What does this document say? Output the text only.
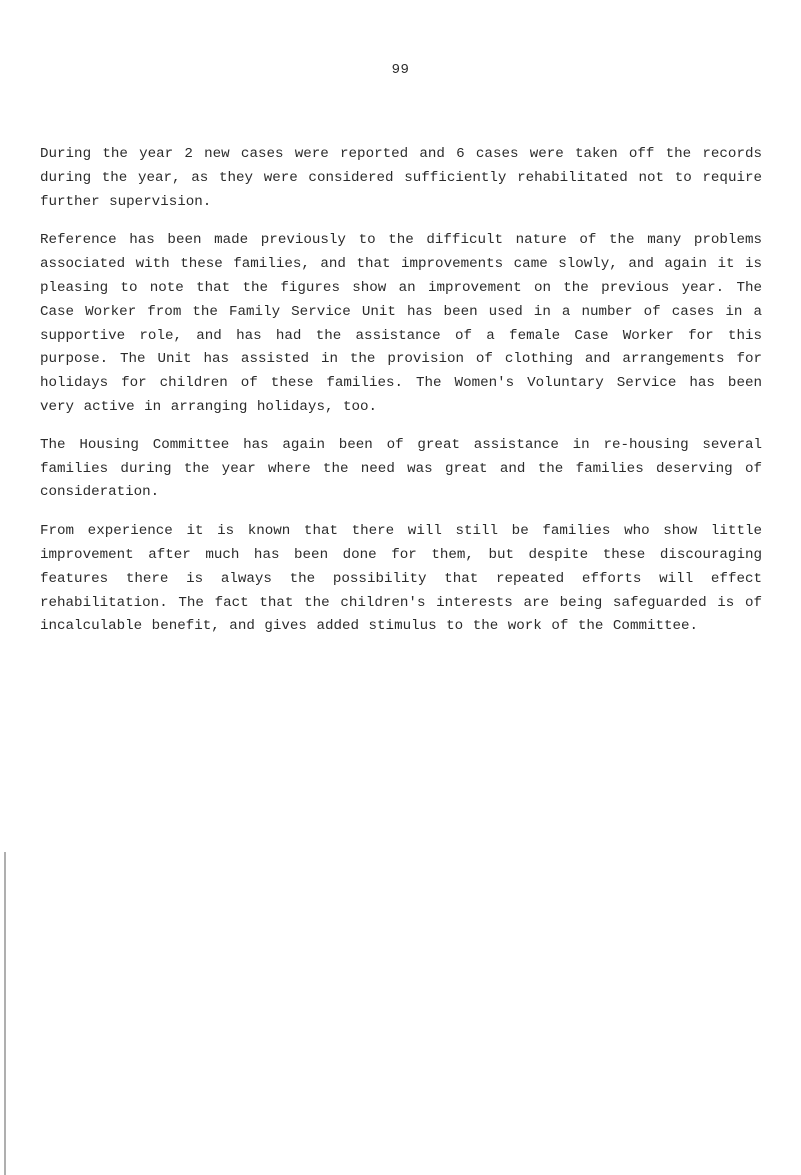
99

During the year 2 new cases were reported and 6 cases were taken off the records during the year, as they were considered sufficiently rehabilitated not to require further supervision.

Reference has been made previously to the difficult nature of the many problems associated with these families, and that improvements came slowly, and again it is pleasing to note that the figures show an improvement on the previous year. The Case Worker from the Family Service Unit has been used in a number of cases in a supportive role, and has had the assistance of a female Case Worker for this purpose. The Unit has assisted in the provision of clothing and arrangements for holidays for children of these families. The Women's Voluntary Service has been very active in arranging holidays, too.

The Housing Committee has again been of great assistance in re-housing several families during the year where the need was great and the families deserving of consideration.

From experience it is known that there will still be families who show little improvement after much has been done for them, but despite these discouraging features there is always the possibility that repeated efforts will effect rehabilitation. The fact that the children's interests are being safeguarded is of incalculable benefit, and gives added stimulus to the work of the Committee.
